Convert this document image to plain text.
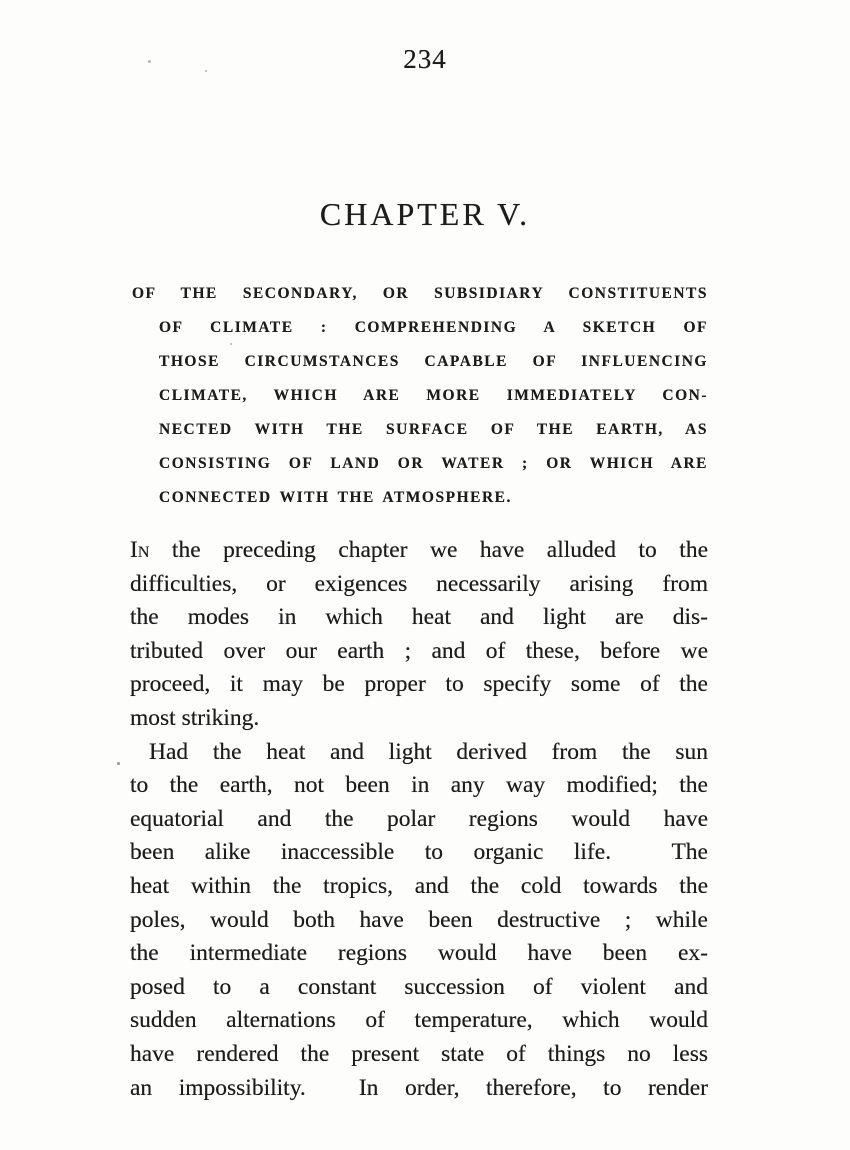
234
CHAPTER V.
OF THE SECONDARY, OR SUBSIDIARY CONSTITUENTS
OF CLIMATE : COMPREHENDING A SKETCH OF
THOSE CIRCUMSTANCES CAPABLE OF INFLUENCING
CLIMATE, WHICH ARE MORE IMMEDIATELY CON-
NECTED WITH THE SURFACE OF THE EARTH, AS
CONSISTING OF LAND OR WATER ; OR WHICH ARE
CONNECTED WITH THE ATMOSPHERE.
In the preceding chapter we have alluded to the
difficulties, or exigences necessarily arising from
the modes in which heat and light are dis-
tributed over our earth ; and of these, before we
proceed, it may be proper to specify some of the
most striking.
Had the heat and light derived from the sun
to the earth, not been in any way modified; the
equatorial and the polar regions would have
been alike inaccessible to organic life.  The
heat within the tropics, and the cold towards the
poles, would both have been destructive ; while
the intermediate regions would have been ex-
posed to a constant succession of violent and
sudden alternations of temperature, which would
have rendered the present state of things no less
an impossibility.  In order, therefore, to render
